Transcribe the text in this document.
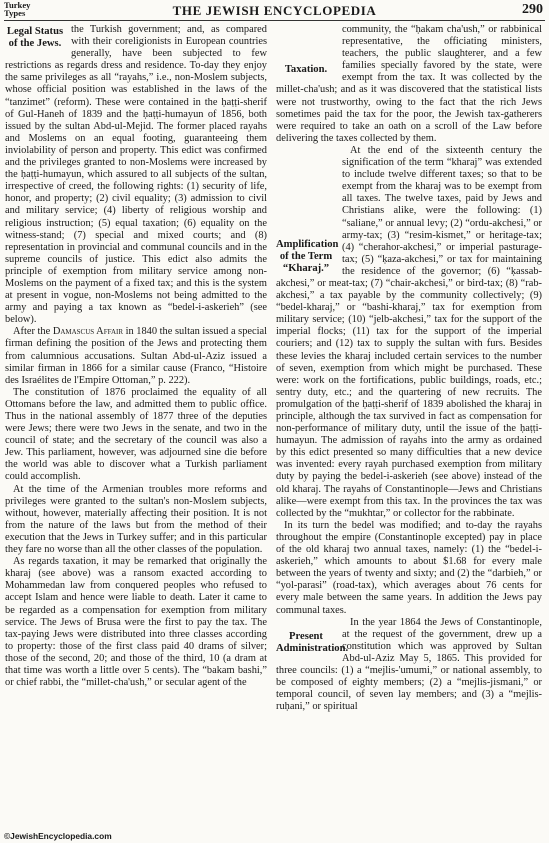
Turkey
Types	THE JEWISH ENCYCLOPEDIA	290

Legal Status of the Jews.
the Turkish government; and, as compared with their coreligionists in European countries generally, have been subjected to few restrictions as regards dress and residence. To-day they enjoy the same privileges as all “rayahs,” i.e., non-Moslem subjects, whose official position was established in the laws of the “tanzimet” (reform). These were contained in the ḥaṭṭi-sherif of Gul-Haneh of 1839 and the ḥaṭṭi-humayun of 1856, both issued by the sultan Abd-ul-Mejid. The former placed rayahs and Moslems on an equal footing, guaranteeing them inviolability of person and property. This edict was confirmed and the privileges granted to non-Moslems were increased by the ḥaṭṭi-humayun, which assured to all subjects of the sultan, irrespective of creed, the following rights: (1) security of life, honor, and property; (2) civil equality; (3) admission to civil and military service; (4) liberty of religious worship and religious instruction; (5) equal taxation; (6) equality on the witness-stand; (7) special and mixed courts; and (8) representation in provincial and communal councils and in the supreme councils of justice. This edict also admits the principle of exemption from military service among non-Moslems on the payment of a fixed tax; and this is the system at present in vogue, non-Moslems not being admitted to the army and paying a tax known as “bedel-i-askerieh” (see below).

After the Damascus Affair in 1840 the sultan issued a special firman defining the position of the Jews and protecting them from calumnious accusations. Sultan Abd-ul-Aziz issued a similar firman in 1866 for a similar cause (Franco, “Histoire des Israélites de l'Empire Ottoman,” p. 222).

The constitution of 1876 proclaimed the equality of all Ottomans before the law, and admitted them to public office. Thus in the national assembly of 1877 three of the deputies were Jews; there were two Jews in the senate, and two in the council of state; and the secretary of the council was also a Jew. This parliament, however, was adjourned sine die before the world was able to discover what a Turkish parliament could accomplish.

At the time of the Armenian troubles more reforms and privileges were granted to the sultan's non-Moslem subjects, without, however, materially affecting their position. It is not from the nature of the laws but from the method of their execution that the Jews in Turkey suffer; and in this particular they fare no worse than all the other classes of the population.

As regards taxation, it may be remarked that originally the kharaj (see above) was a ransom exacted according to Mohammedan law from conquered peoples who refused to accept Islam and hence were liable to death. Later it came to be regarded as a compensation for exemption from military service. The Jews of Brusa were the first to pay the tax. The tax-paying Jews were distributed into three classes according to property: those of the first class paid 40 drams of silver; those of the second, 20; and those of the third, 10 (a dram at that time was worth a little over 5 cents). The “bakam bashi,” or chief rabbi, the “millet-cha'ush,” or secular agent of the

Taxation.
community, the “ḥakam cha'ush,” or rabbinical representative, the officiating ministers, teachers, the public slaughterer, and a few families specially favored by the state, were exempt from the tax. It was collected by the millet-cha'ush; and as it was discovered that the statistical lists were not trustworthy, owing to the fact that the rich Jews sometimes paid the tax for the poor, the Jewish tax-gatherers were required to take an oath on a scroll of the Law before delivering the taxes collected by them.

Amplification of the Term “Kharaj.”
At the end of the sixteenth century the signification of the term “kharaj” was extended to include twelve different taxes; so that to be exempt from the kharaj was to be exempt from all taxes. The twelve taxes, paid by Jews and Christians alike, were the following: (1) “saliane,” or annual levy; (2) “ordu-akchesi,” or army-tax; (3) “resim-kismet,” or heritage-tax; (4) “cherahor-akchesi,” or imperial pasturage-tax; (5) “ḳaza-akchesi,” or tax for maintaining the residence of the governor; (6) “ḳassab-akchesi,” or meat-tax; (7) “chair-akchesi,” or bird-tax; (8) “rab-akchesi,” a tax payable by the community collectively; (9) “bedel-kharaj,” or “bashi-kharaj,” tax for exemption from military service; (10) “jelb-akchesi,” tax for the support of the imperial flocks; (11) tax for the support of the imperial couriers; and (12) tax to supply the sultan with furs. Besides these levies the kharaj included certain services to the number of seven, exemption from which might be purchased. These were: work on the fortifications, public buildings, roads, etc.; sentry duty, etc.; and the quartering of new recruits. The promulgation of the ḥaṭṭi-sherif of 1839 abolished the kharaj in principle, although the tax survived in fact as compensation for non-performance of military duty, until the issue of the ḥaṭṭi-humayun. The admission of rayahs into the army as ordained by this edict presented so many difficulties that a new device was invented: every rayah purchased exemption from military duty by paying the bedel-i-askerieh (see above) instead of the old kharaj. The rayahs of Constantinople—Jews and Christians alike—were exempt from this tax. In the provinces the tax was collected by the “mukhtar,” or collector for the rabbinate.

In its turn the bedel was modified; and to-day the rayahs throughout the empire (Constantinople excepted) pay in place of the old kharaj two annual taxes, namely: (1) the “bedel-i-askerieh,” which amounts to about $1.68 for every male between the years of twenty and sixty; and (2) the “darbieh,” or “yol-parasi” (road-tax), which averages about 76 cents for every male between the same years. In addition the Jews pay communal taxes.

Present Administration.
In the year 1864 the Jews of Constantinople, at the request of the government, drew up a constitution which was approved by Sultan Abd-ul-Aziz May 5, 1865. This provided for three councils: (1) a “mejlis-'umumi,” or national assembly, to be composed of eighty members; (2) a “mejlis-jismani,” or temporal council, of seven lay members; and (3) a “mejlis-ruḥani,” or spiritual

©JewishEncyclopedia.com
